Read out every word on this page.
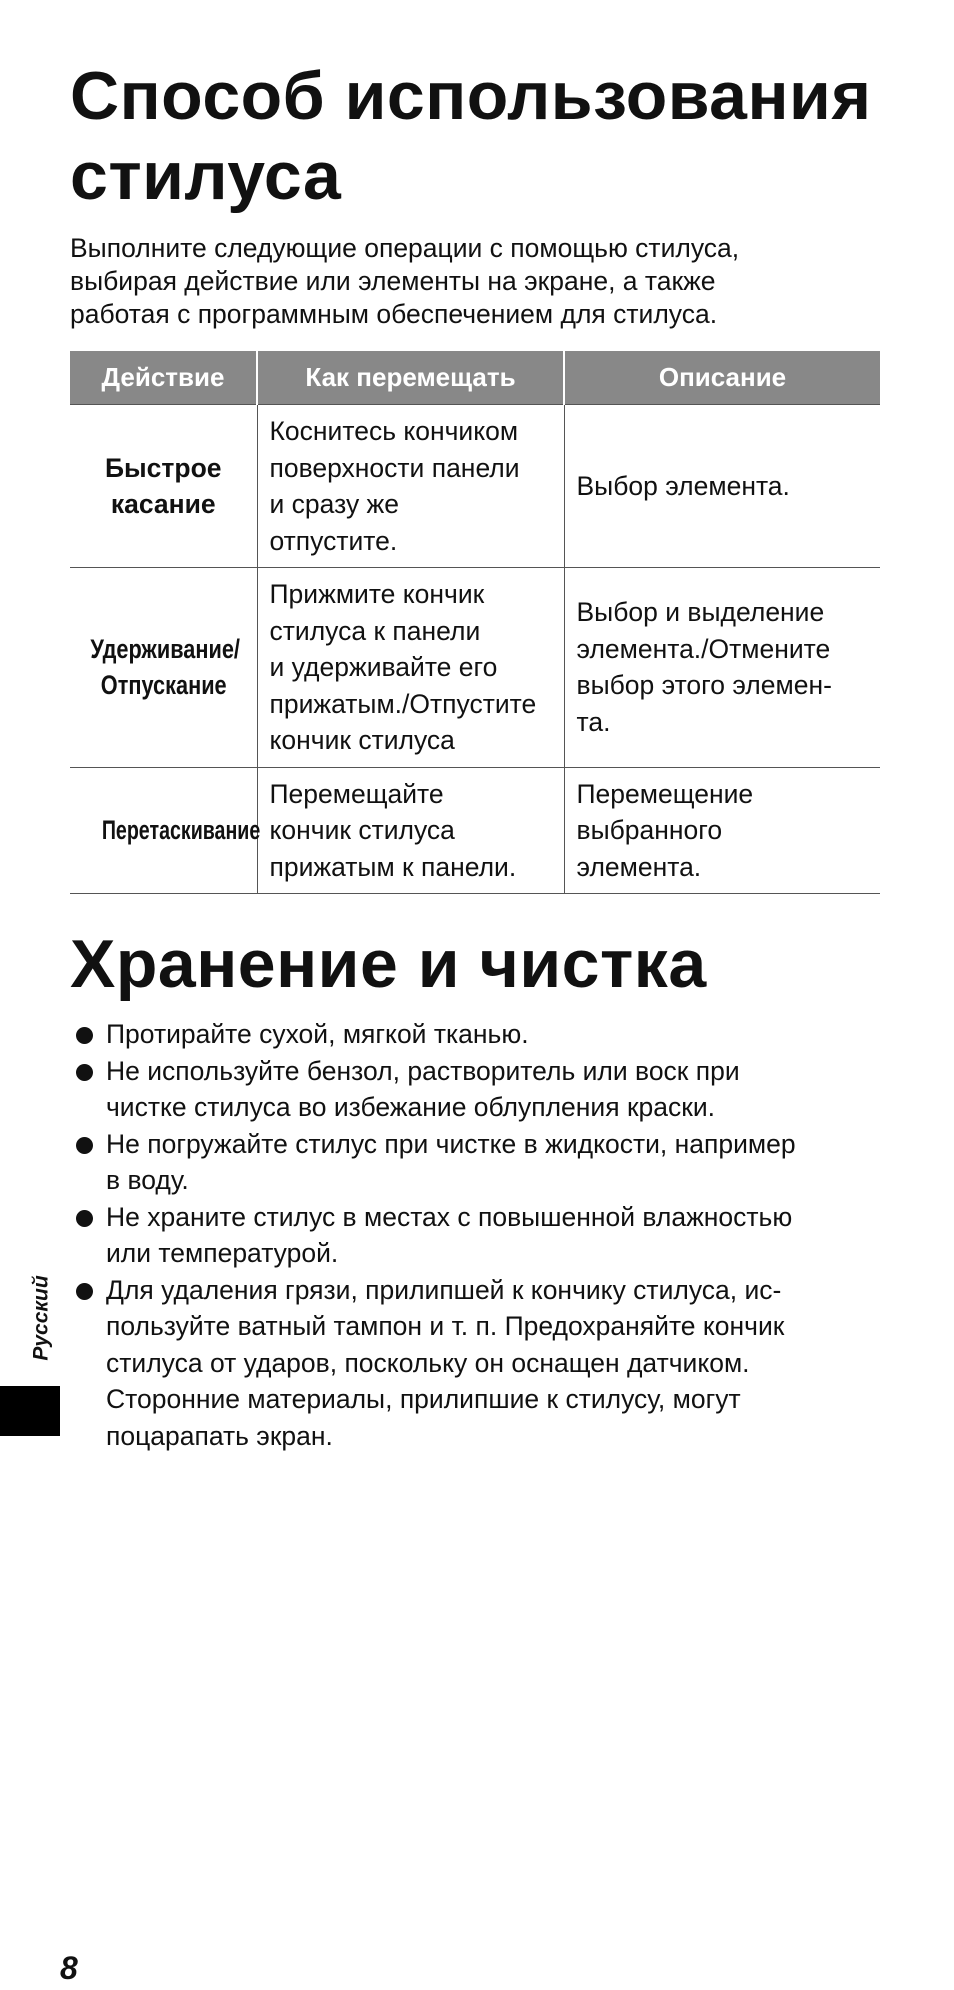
Способ использования
стилуса
Выполните следующие операции с помощью стилуса,
выбирая действие или элементы на экране, а также
работая с программным обеспечением для стилуса.
Действие	Как перемещать	Описание

Быстрое
касание	Коснитесь кончиком
поверхности панели
и сразу же
отпустите.	Выбор элемента.

Удерживание/
Отпускание	Прижмите кончик
стилуса к панели
и удерживайте его
прижатым./Отпустите
кончик стилуса	Выбор и выделение
элемента./Отмените
выбор этого элемен-
та.

Перетаскивание	Перемещайте
кончик стилуса
прижатым к панели.	Перемещение
выбранного
элемента.
Хранение и чистка
Протирайте сухой, мягкой тканью.
Не используйте бензол, растворитель или воск при
чистке стилуса во избежание облупления краски.
Не погружайте стилус при чистке в жидкости, например
в воду.
Не храните стилус в местах с повышенной влажностью
или температурой.
Для удаления грязи, прилипшей к кончику стилуса, ис-
пользуйте ватный тампон и т. п. Предохраняйте кончик
стилуса от ударов, поскольку он оснащен датчиком.
Сторонние материалы, прилипшие к стилусу, могут
поцарапать экран.
Русский
8
